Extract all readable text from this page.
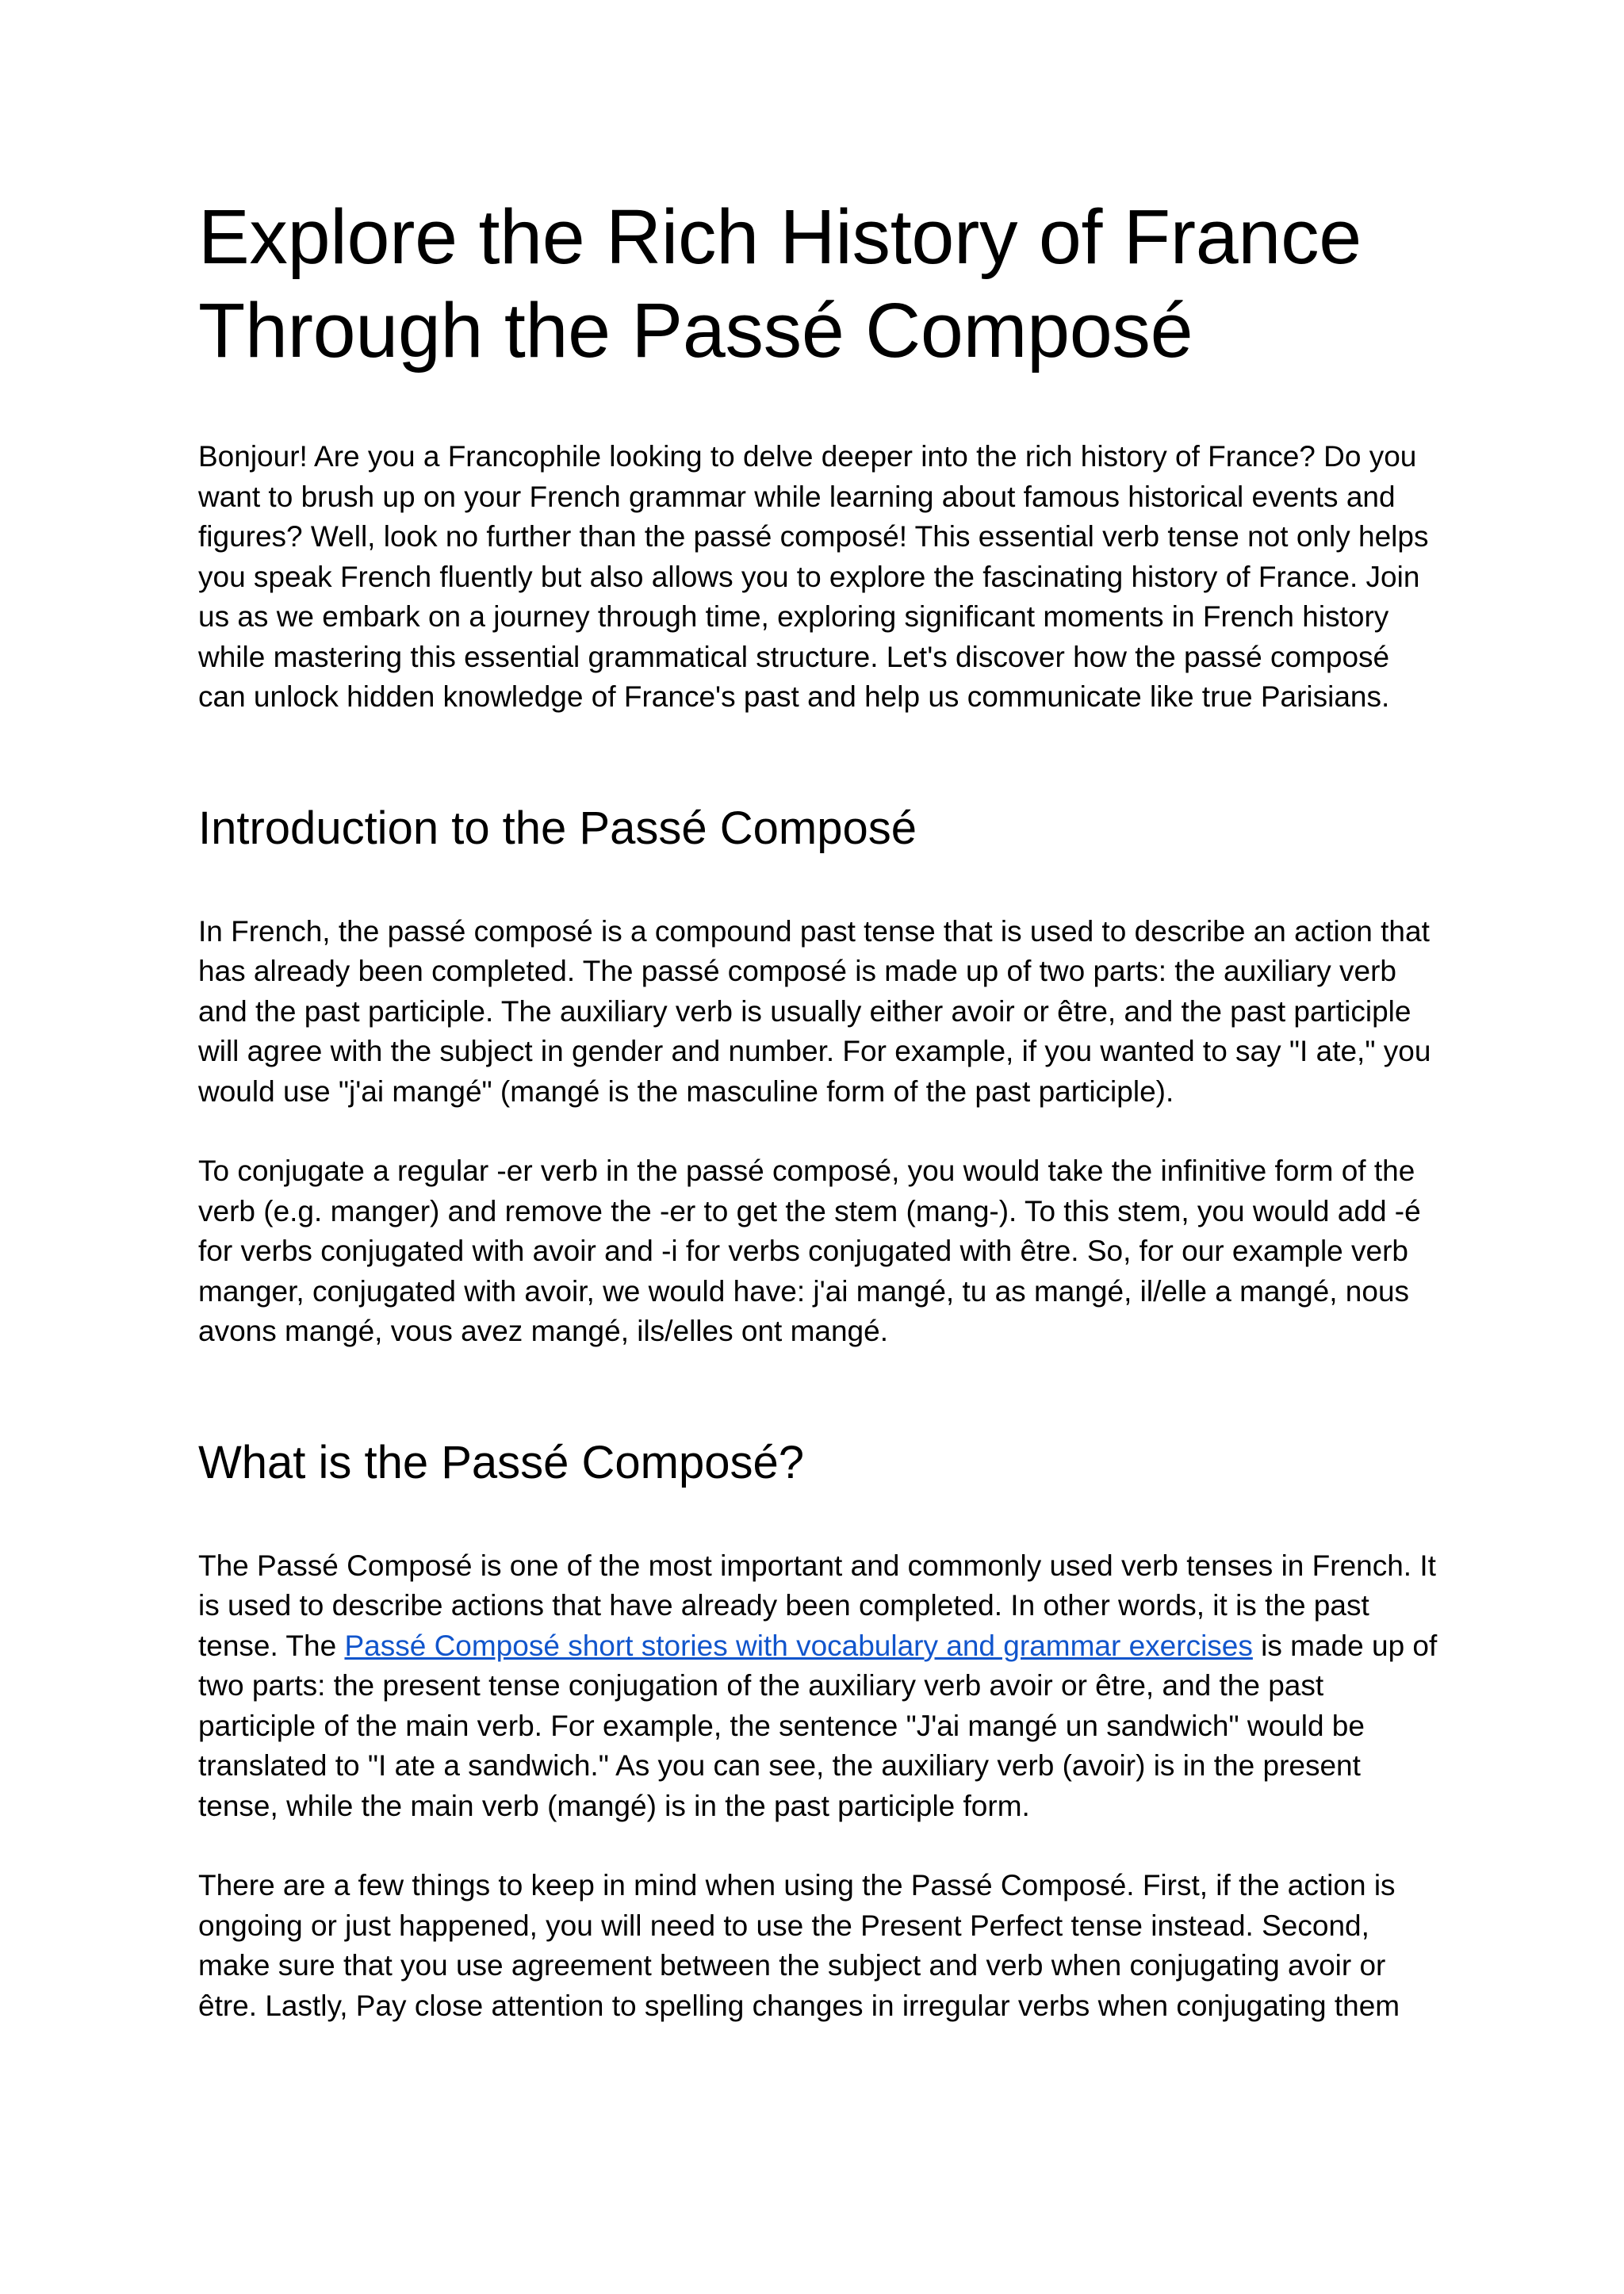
Explore the Rich History of France
Through the Passé Composé

Bonjour! Are you a Francophile looking to delve deeper into the rich history of France? Do you want to brush up on your French grammar while learning about famous historical events and figures? Well, look no further than the passé composé! This essential verb tense not only helps you speak French fluently but also allows you to explore the fascinating history of France. Join us as we embark on a journey through time, exploring significant moments in French history while mastering this essential grammatical structure. Let's discover how the passé composé can unlock hidden knowledge of France's past and help us communicate like true Parisians.

Introduction to the Passé Composé

In French, the passé composé is a compound past tense that is used to describe an action that has already been completed. The passé composé is made up of two parts: the auxiliary verb and the past participle. The auxiliary verb is usually either avoir or être, and the past participle will agree with the subject in gender and number. For example, if you wanted to say "I ate," you would use "j'ai mangé" (mangé is the masculine form of the past participle).

To conjugate a regular -er verb in the passé composé, you would take the infinitive form of the verb (e.g. manger) and remove the -er to get the stem (mang-). To this stem, you would add -é for verbs conjugated with avoir and -i for verbs conjugated with être. So, for our example verb manger, conjugated with avoir, we would have: j'ai mangé, tu as mangé, il/elle a mangé, nous avons mangé, vous avez mangé, ils/elles ont mangé.

What is the Passé Composé?

The Passé Composé is one of the most important and commonly used verb tenses in French. It is used to describe actions that have already been completed. In other words, it is the past tense. The Passé Composé short stories with vocabulary and grammar exercises is made up of two parts: the present tense conjugation of the auxiliary verb avoir or être, and the past participle of the main verb. For example, the sentence "J'ai mangé un sandwich" would be translated to "I ate a sandwich." As you can see, the auxiliary verb (avoir) is in the present tense, while the main verb (mangé) is in the past participle form.

There are a few things to keep in mind when using the Passé Composé. First, if the action is ongoing or just happened, you will need to use the Present Perfect tense instead. Second, make sure that you use agreement between the subject and verb when conjugating avoir or être. Lastly, Pay close attention to spelling changes in irregular verbs when conjugating them
